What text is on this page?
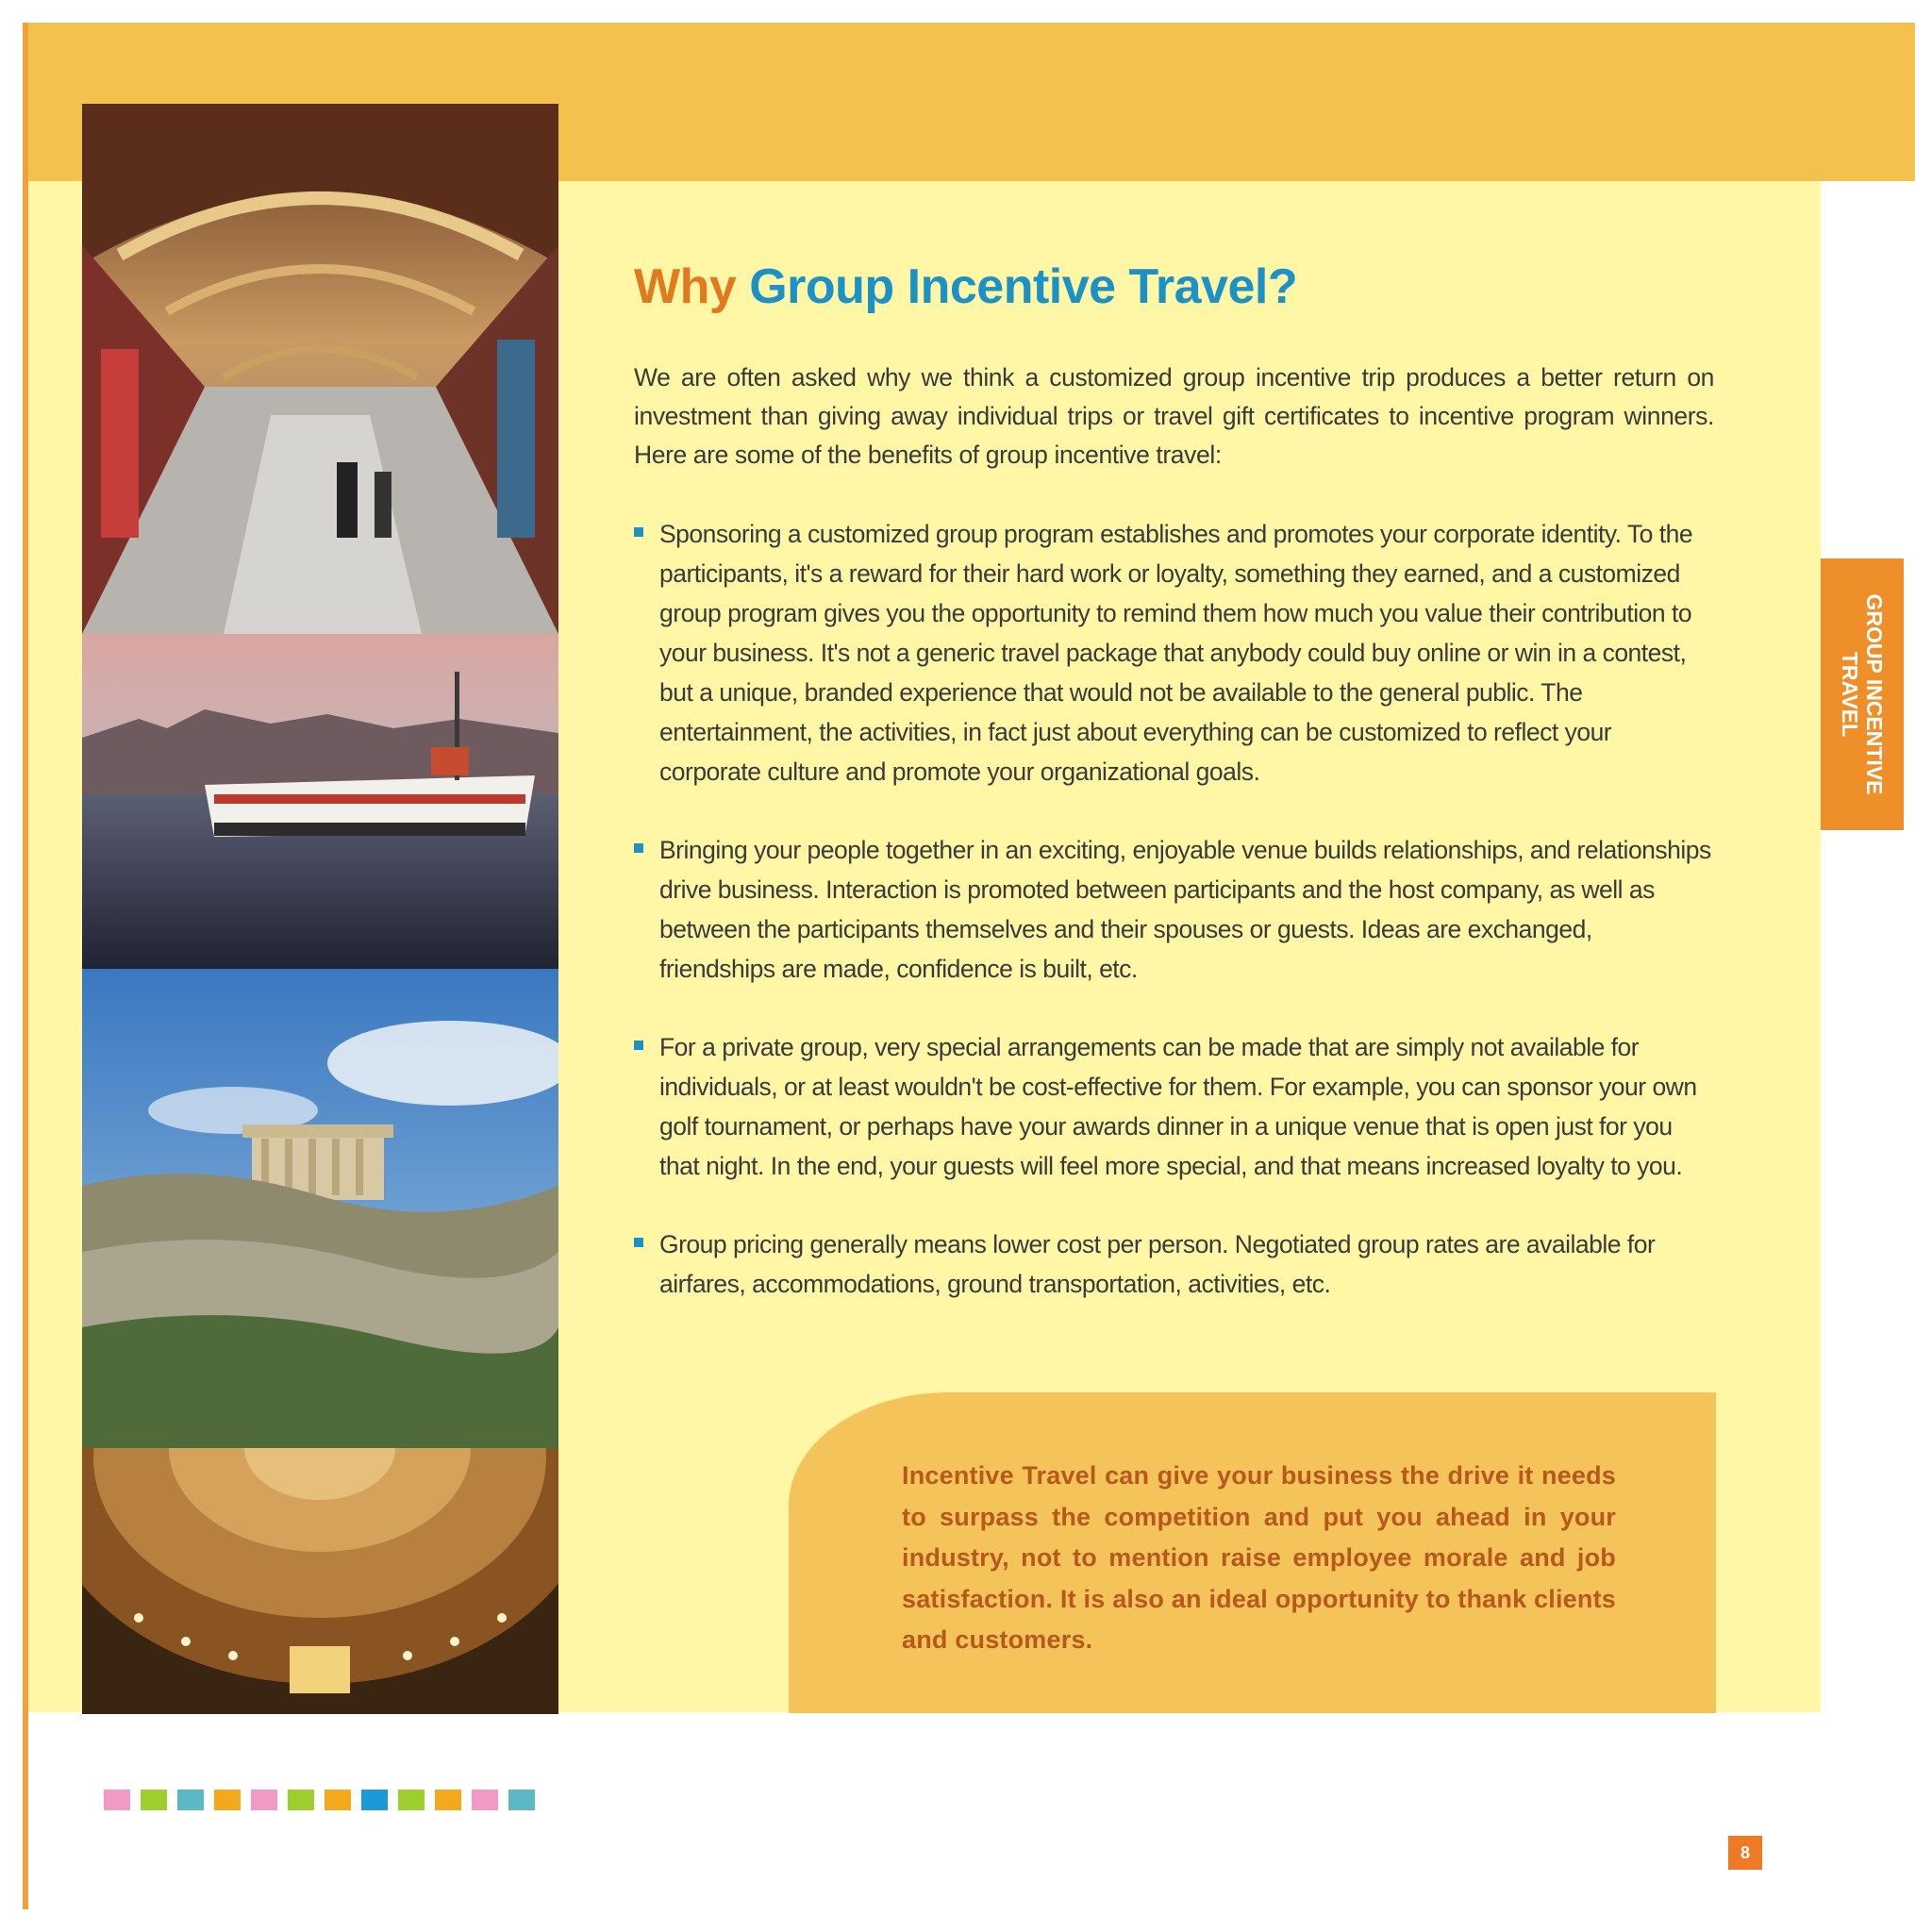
Why Group Incentive Travel?

We are often asked why we think a customized group incentive trip produces a better return on investment than giving away individual trips or travel gift certificates to incentive program winners. Here are some of the benefits of group incentive travel:

Sponsoring a customized group program establishes and promotes your corporate identity. To the participants, it's a reward for their hard work or loyalty, something they earned, and a customized group program gives you the opportunity to remind them how much you value their contribution to your business. It's not a generic travel package that anybody could buy online or win in a contest, but a unique, branded experience that would not be available to the general public. The entertainment, the activities, in fact just about everything can be customized to reflect your corporate culture and promote your organizational goals.
Bringing your people together in an exciting, enjoyable venue builds relationships, and relationships drive business. Interaction is promoted between participants and the host company, as well as between the participants themselves and their spouses or guests. Ideas are exchanged, friendships are made, confidence is built, etc.
For a private group, very special arrangements can be made that are simply not available for individuals, or at least wouldn't be cost-effective for them. For example, you can sponsor your own golf tournament, or perhaps have your awards dinner in a unique venue that is open just for you that night. In the end, your guests will feel more special, and that means increased loyalty to you.
Group pricing generally means lower cost per person. Negotiated group rates are available for airfares, accommodations, ground transportation, activities, etc.

Incentive Travel can give your business the drive it needs to surpass the competition and put you ahead in your industry, not to mention raise employee morale and job satisfaction. It is also an ideal opportunity to thank clients and customers.

GROUP INCENTIVE TRAVEL
8
